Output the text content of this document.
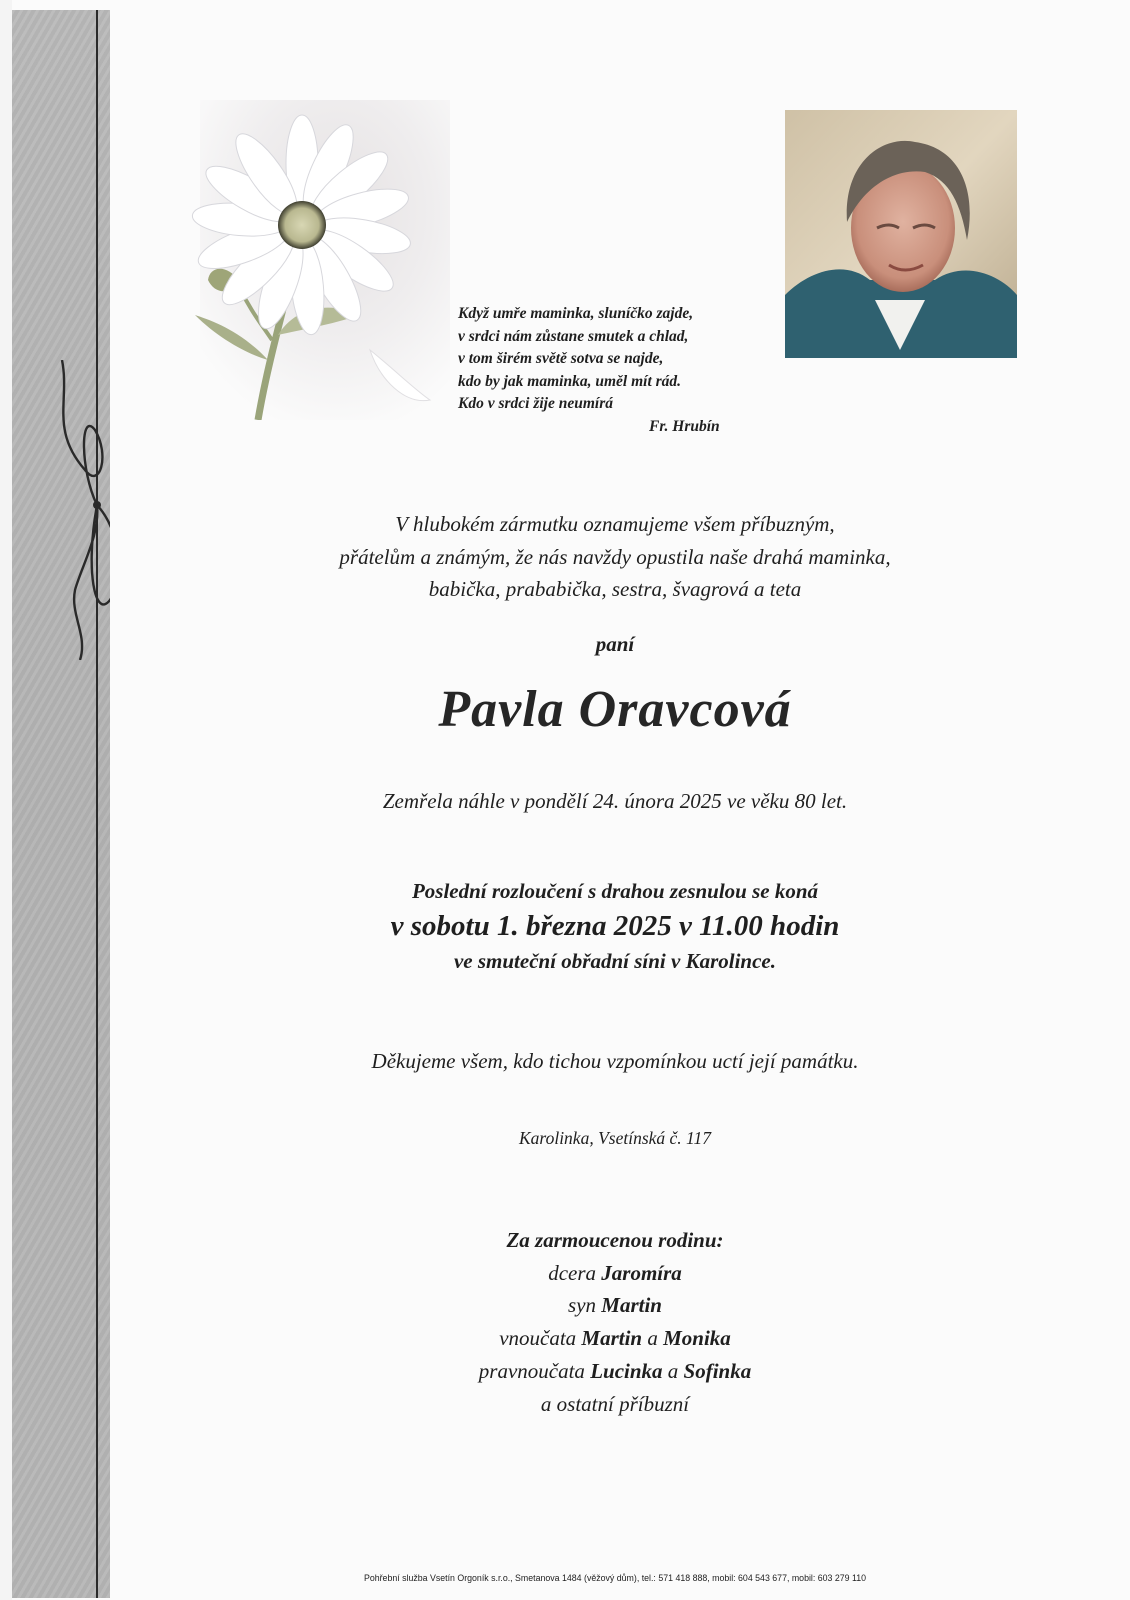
Když umře maminka, sluníčko zajde,
v srdci nám zůstane smutek a chlad,
v tom širém světě sotva se najde,
kdo by jak maminka, uměl mít rád.
Kdo v srdci žije neumírá
Fr. Hrubín
V hlubokém zármutku oznamujeme všem příbuzným,
přátelům a známým, že nás navždy opustila naše drahá maminka,
babička, prababička, sestra, švagrová a teta
paní
Pavla Oravcová
Zemřela náhle v pondělí 24. února 2025 ve věku 80 let.
Poslední rozloučení s drahou zesnulou se koná
v sobotu 1. března 2025 v 11.00 hodin
ve smuteční obřadní síni v Karolince.
Děkujeme všem, kdo tichou vzpomínkou uctí její památku.
Karolinka, Vsetínská č. 117
Za zarmoucenou rodinu:
dcera Jaromíra
syn Martin
vnoučata Martin a Monika
pravnoučata Lucinka a Sofinka
a ostatní příbuzní
Pohřební služba Vsetín Orgoník s.r.o., Smetanova 1484 (věžový dům), tel.: 571 418 888, mobil: 604 543 677, mobil: 603 279 110
